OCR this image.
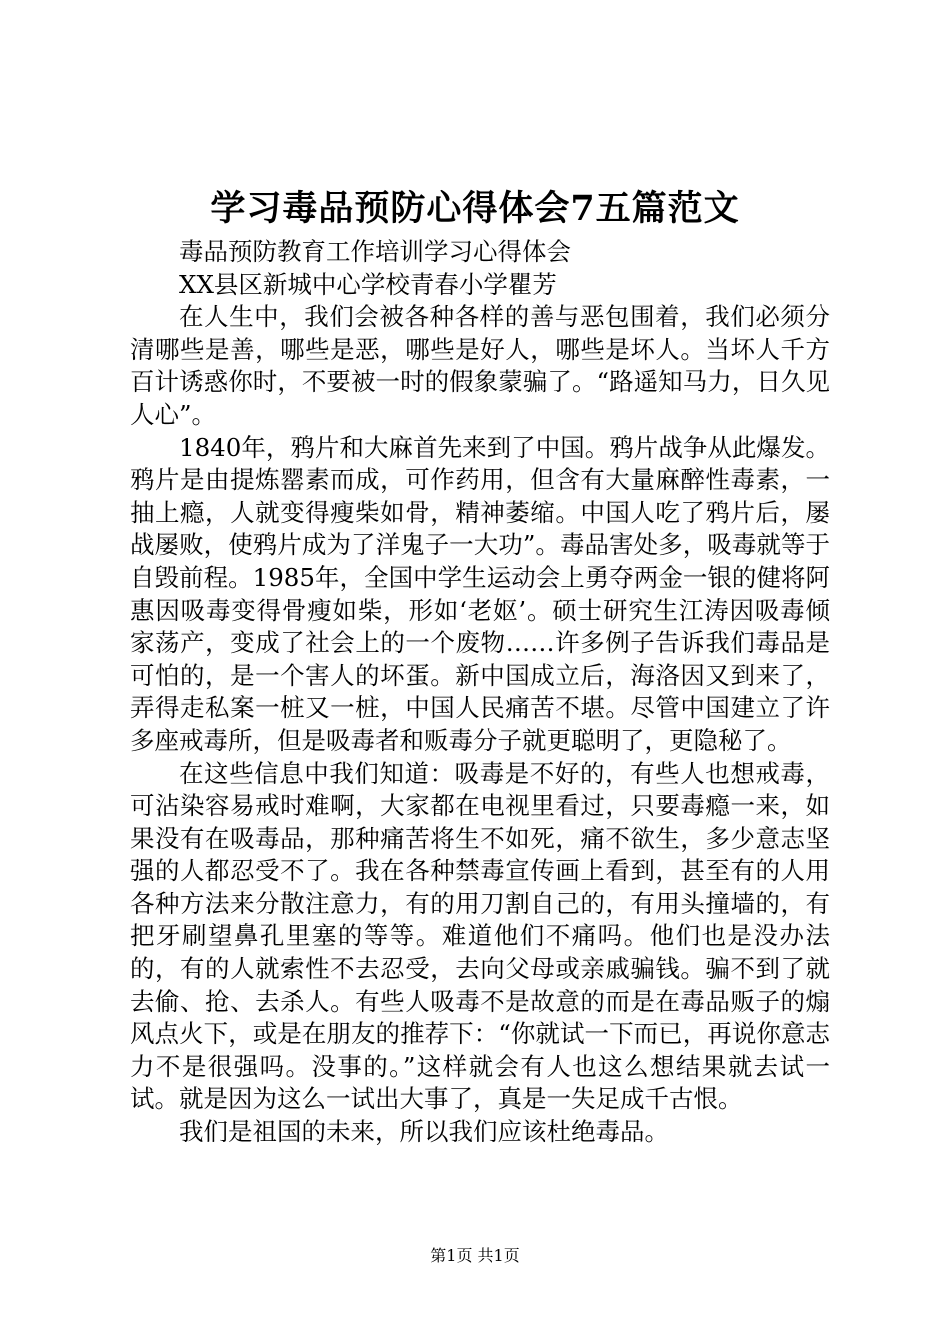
学习毒品预防心得体会7五篇范文

毒品预防教育工作培训学习心得体会

XX县区新城中心学校青春小学瞿芳

在人生中，我们会被各种各样的善与恶包围着，我们必须分清哪些是善，哪些是恶，哪些是好人，哪些是坏人。当坏人千方百计诱惑你时，不要被一时的假象蒙骗了。“路遥知马力，日久见人心”。

1840年，鸦片和大麻首先来到了中国。鸦片战争从此爆发。鸦片是由提炼罂素而成，可作药用，但含有大量麻醉性毒素，一抽上瘾，人就变得瘦柴如骨，精神萎缩。中国人吃了鸦片后，屡战屡败，使鸦片成为了洋鬼子一大功”。毒品害处多，吸毒就等于自毁前程。1985年，全国中学生运动会上勇夺两金一银的健将阿惠因吸毒变得骨瘦如柴，形如‘老妪’。硕士研究生江涛因吸毒倾家荡产，变成了社会上的一个废物……许多例子告诉我们毒品是可怕的，是一个害人的坏蛋。新中国成立后，海洛因又到来了，弄得走私案一桩又一桩，中国人民痛苦不堪。尽管中国建立了许多座戒毒所，但是吸毒者和贩毒分子就更聪明了，更隐秘了。

在这些信息中我们知道：吸毒是不好的，有些人也想戒毒，可沾染容易戒时难啊，大家都在电视里看过，只要毒瘾一来，如果没有在吸毒品，那种痛苦将生不如死，痛不欲生，多少意志坚强的人都忍受不了。我在各种禁毒宣传画上看到，甚至有的人用各种方法来分散注意力，有的用刀割自己的，有用头撞墙的，有把牙刷望鼻孔里塞的等等。难道他们不痛吗。他们也是没办法的，有的人就索性不去忍受，去向父母或亲戚骗钱。骗不到了就去偷、抢、去杀人。有些人吸毒不是故意的而是在毒品贩子的煽风点火下，或是在朋友的推荐下：“你就试一下而已，再说你意志力不是很强吗。没事的。”这样就会有人也这么想结果就去试一试。就是因为这么一试出大事了，真是一失足成千古恨。

我们是祖国的未来，所以我们应该杜绝毒品。

第1页 共1页
